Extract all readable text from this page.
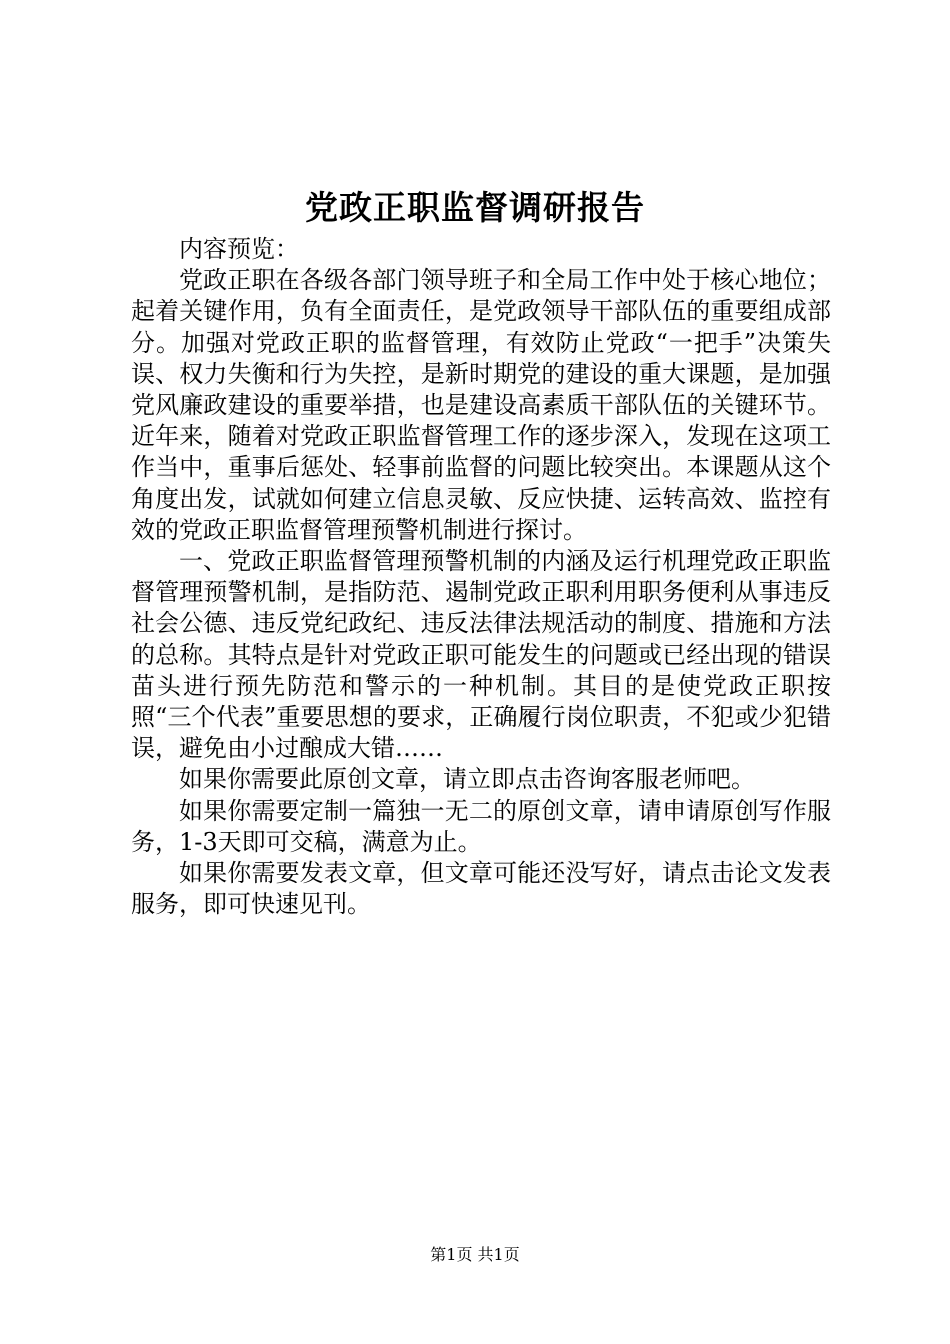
党政正职监督调研报告

内容预览：

党政正职在各级各部门领导班子和全局工作中处于核心地位；起着关键作用，负有全面责任，是党政领导干部队伍的重要组成部分。加强对党政正职的监督管理，有效防止党政“一把手”决策失误、权力失衡和行为失控，是新时期党的建设的重大课题，是加强党风廉政建设的重要举措，也是建设高素质干部队伍的关键环节。近年来，随着对党政正职监督管理工作的逐步深入，发现在这项工作当中，重事后惩处、轻事前监督的问题比较突出。本课题从这个角度出发，试就如何建立信息灵敏、反应快捷、运转高效、监控有效的党政正职监督管理预警机制进行探讨。

一、党政正职监督管理预警机制的内涵及运行机理党政正职监督管理预警机制，是指防范、遏制党政正职利用职务便利从事违反社会公德、违反党纪政纪、违反法律法规活动的制度、措施和方法的总称。其特点是针对党政正职可能发生的问题或已经出现的错误苗头进行预先防范和警示的一种机制。其目的是使党政正职按照“三个代表”重要思想的要求，正确履行岗位职责，不犯或少犯错误，避免由小过酿成大错……

如果你需要此原创文章，请立即点击咨询客服老师吧。

如果你需要定制一篇独一无二的原创文章，请申请原创写作服务，1-3天即可交稿，满意为止。

如果你需要发表文章，但文章可能还没写好，请点击论文发表服务，即可快速见刊。

第1页 共1页
